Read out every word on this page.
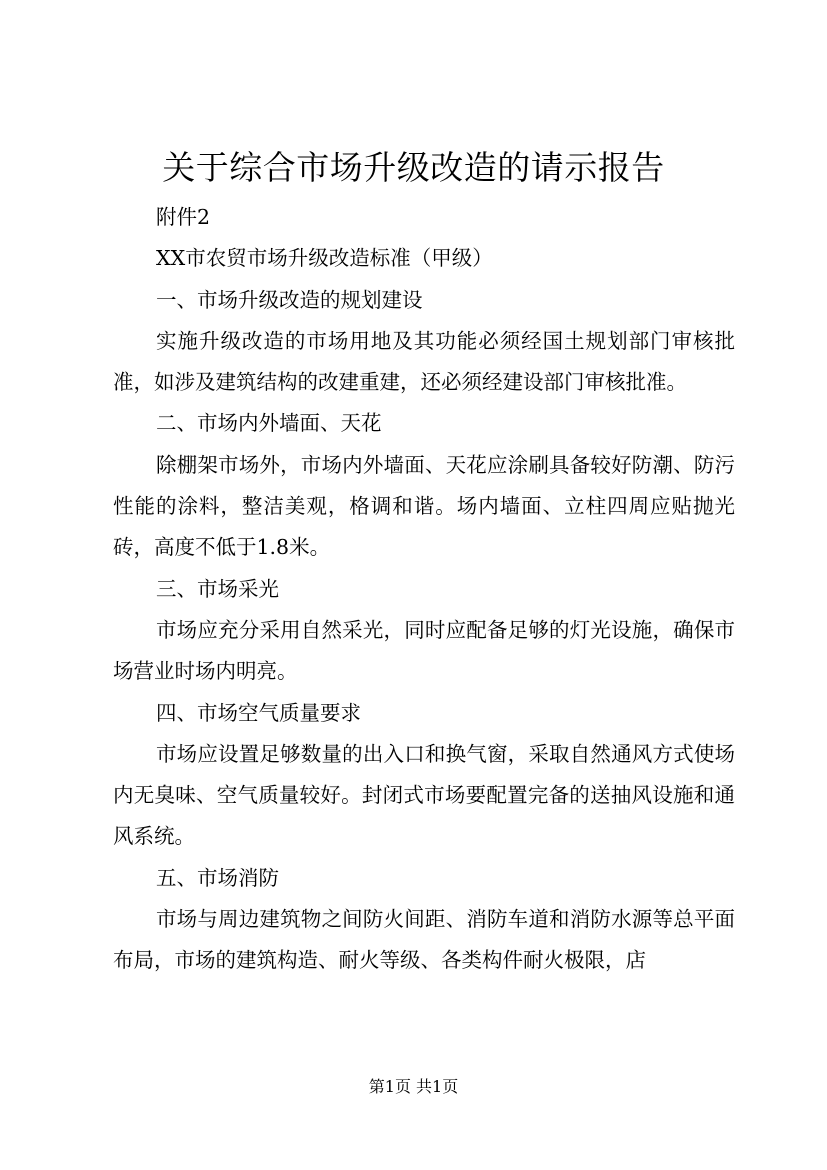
关于综合市场升级改造的请示报告

附件2

XX市农贸市场升级改造标准（甲级）

一、市场升级改造的规划建设

实施升级改造的市场用地及其功能必须经国土规划部门审核批准，如涉及建筑结构的改建重建，还必须经建设部门审核批准。

二、市场内外墙面、天花

除棚架市场外，市场内外墙面、天花应涂刷具备较好防潮、防污性能的涂料，整洁美观，格调和谐。场内墙面、立柱四周应贴抛光砖，高度不低于1.8米。

三、市场采光

市场应充分采用自然采光，同时应配备足够的灯光设施，确保市场营业时场内明亮。

四、市场空气质量要求

市场应设置足够数量的出入口和换气窗，采取自然通风方式使场内无臭味、空气质量较好。封闭式市场要配置完备的送抽风设施和通风系统。

五、市场消防

市场与周边建筑物之间防火间距、消防车道和消防水源等总平面布局，市场的建筑构造、耐火等级、各类构件耐火极限，店

第1页 共1页
